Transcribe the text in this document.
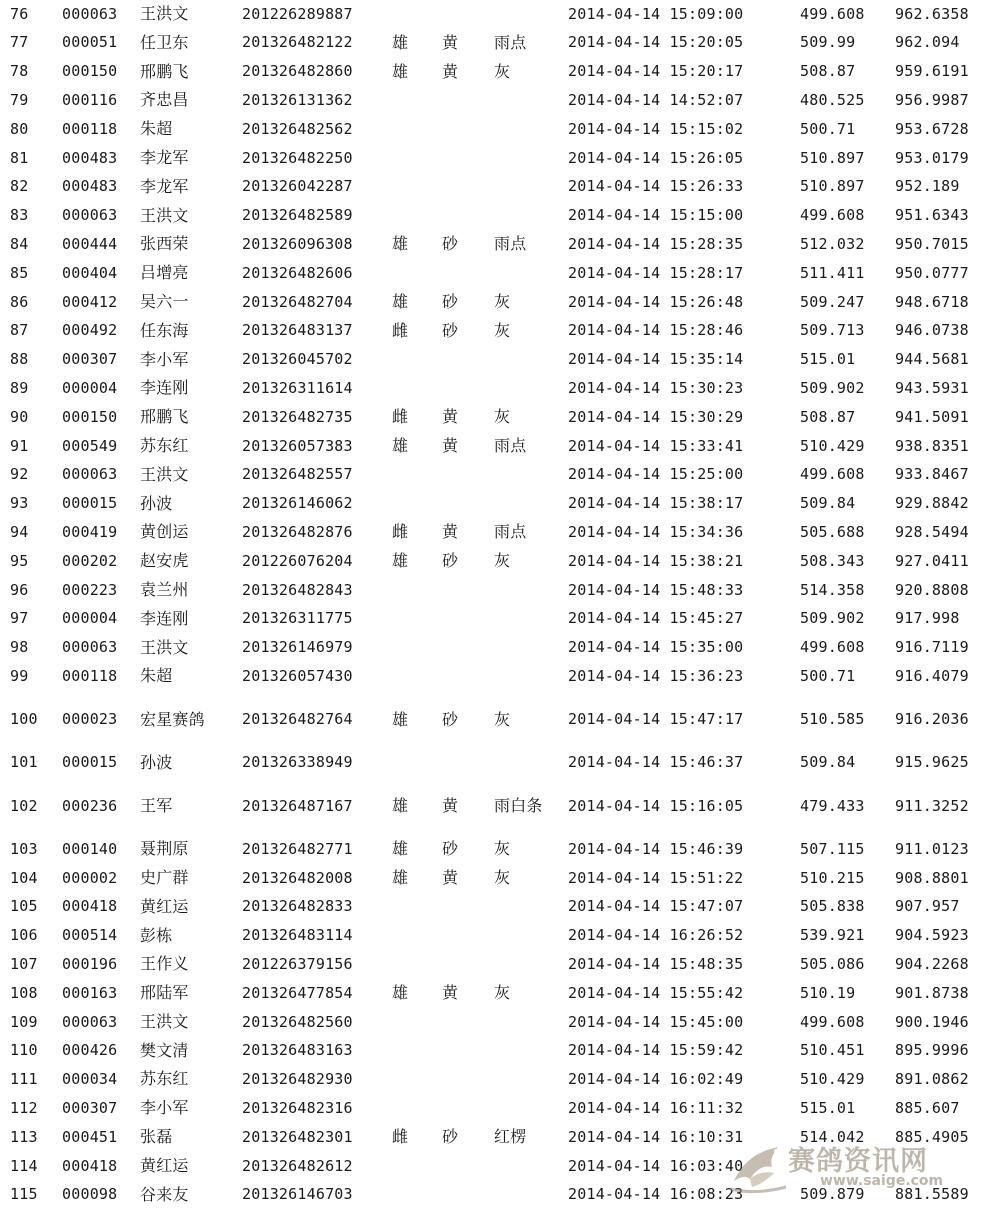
76	000063	王洪文	201226289887	2014-04-14 15:09:00	499.608	962.6358
77	000051	任卫东	201326482122	雄	黄	雨点	2014-04-14 15:20:05	509.99	962.094
78	000150	邢鹏飞	201326482860	雄	黄	灰	2014-04-14 15:20:17	508.87	959.6191
79	000116	齐忠昌	201326131362	2014-04-14 14:52:07	480.525	956.9987
80	000118	朱超	201326482562	2014-04-14 15:15:02	500.71	953.6728
81	000483	李龙军	201326482250	2014-04-14 15:26:05	510.897	953.0179
82	000483	李龙军	201326042287	2014-04-14 15:26:33	510.897	952.189
83	000063	王洪文	201326482589	2014-04-14 15:15:00	499.608	951.6343
84	000444	张西荣	201326096308	雄	砂	雨点	2014-04-14 15:28:35	512.032	950.7015
85	000404	吕增亮	201326482606	2014-04-14 15:28:17	511.411	950.0777
86	000412	吴六一	201326482704	雄	砂	灰	2014-04-14 15:26:48	509.247	948.6718
87	000492	任东海	201326483137	雌	砂	灰	2014-04-14 15:28:46	509.713	946.0738
88	000307	李小军	201326045702	2014-04-14 15:35:14	515.01	944.5681
89	000004	李连刚	201326311614	2014-04-14 15:30:23	509.902	943.5931
90	000150	邢鹏飞	201326482735	雌	黄	灰	2014-04-14 15:30:29	508.87	941.5091
91	000549	苏东红	201326057383	雄	黄	雨点	2014-04-14 15:33:41	510.429	938.8351
92	000063	王洪文	201326482557	2014-04-14 15:25:00	499.608	933.8467
93	000015	孙波	201326146062	2014-04-14 15:38:17	509.84	929.8842
94	000419	黄创运	201326482876	雌	黄	雨点	2014-04-14 15:34:36	505.688	928.5494
95	000202	赵安虎	201226076204	雄	砂	灰	2014-04-14 15:38:21	508.343	927.0411
96	000223	袁兰州	201326482843	2014-04-14 15:48:33	514.358	920.8808
97	000004	李连刚	201326311775	2014-04-14 15:45:27	509.902	917.998
98	000063	王洪文	201326146979	2014-04-14 15:35:00	499.608	916.7119
99	000118	朱超	201326057430	2014-04-14 15:36:23	500.71	916.4079
100	000023	宏星赛鸽	201326482764	雄	砂	灰	2014-04-14 15:47:17	510.585	916.2036
101	000015	孙波	201326338949	2014-04-14 15:46:37	509.84	915.9625
102	000236	王军	201326487167	雄	黄	雨白条 2014-04-14 15:16:05	479.433	911.3252
103	000140	聂荆原	201326482771	雄	砂	灰	2014-04-14 15:46:39	507.115	911.0123
104	000002	史广群	201326482008	雄	黄	灰	2014-04-14 15:51:22	510.215	908.8801
105	000418	黄红运	201326482833	2014-04-14 15:47:07	505.838	907.957
106	000514	彭栋	201326483114	2014-04-14 16:26:52	539.921	904.5923
107	000196	王作义	201226379156	2014-04-14 15:48:35	505.086	904.2268
108	000163	邢陆军	201326477854	雄	黄	灰	2014-04-14 15:55:42	510.19	901.8738
109	000063	王洪文	201326482560	2014-04-14 15:45:00	499.608	900.1946
110	000426	樊文清	201326483163	2014-04-14 15:59:42	510.451	895.9996
111	000034	苏东红	201326482930	2014-04-14 16:02:49	510.429	891.0862
112	000307	李小军	201326482316	2014-04-14 16:11:32	515.01	885.607
113	000451	张磊	201326482301	雌	砂	红楞	2014-04-14 16:10:31	514.042	885.4905
114	000418	黄红运	201326482612	2014-04-14 16:03:40
115	000098	谷来友	201326146703	2014-04-14 16:08:23	509.879	881.5589
赛鸽资讯网
www.saige.com
